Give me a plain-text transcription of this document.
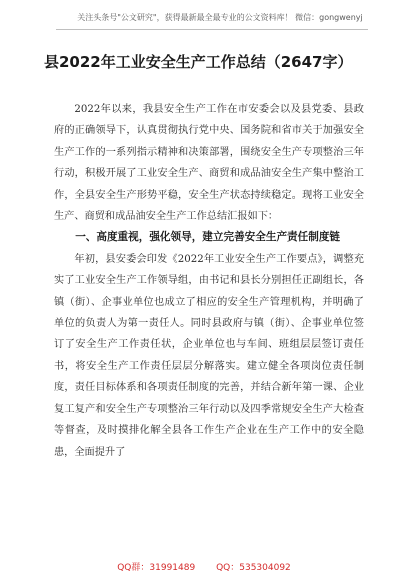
关注头条号"公文研究"，获得最新最全最专业的公文资料库！ 微信：gongwenyj
县2022年工业安全生产工作总结（2647字）

2022年以来，我县安全生产工作在市安委会以及县党委、县政府的正确领导下，认真贯彻执行党中央、国务院和省市关于加强安全生产工作的一系列指示精神和决策部署，围绕安全生产专项整治三年行动，积极开展了工业安全生产、商贸和成品油安全生产集中整治工作，全县安全生产形势平稳，安全生产状态持续稳定。现将工业安全生产、商贸和成品油安全生产工作总结汇报如下：

一、高度重视，强化领导，建立完善安全生产责任制度链

年初，县安委会印发《2022年工业安全生产工作要点》，调整充实了工业安全生产工作领导组，由书记和县长分别担任正副组长，各镇（街）、企事业单位也成立了相应的安全生产管理机构，并明确了单位的负责人为第一责任人。同时县政府与镇（街）、企事业单位签订了安全生产工作责任状，企业单位也与车间、班组层层签订责任书，将安全生产工作责任层层分解落实。建立健全各项岗位责任制度，责任目标体系和各项责任制度的完善，并结合新年第一课、企业复工复产和安全生产专项整治三年行动以及四季常规安全生产大检查等督查，及时摸排化解全县各工作生产企业在生产工作中的安全隐患，全面提升了

QQ群：31991489 QQ：535304092
